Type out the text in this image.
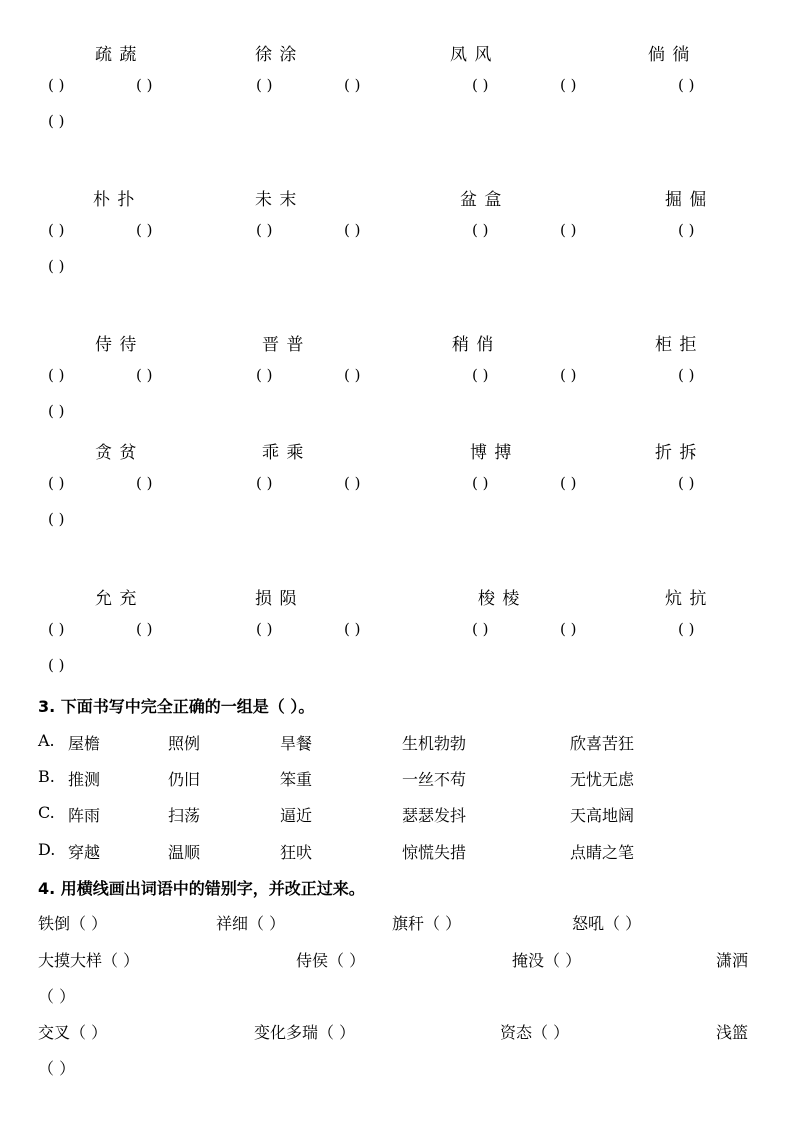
疏 蔬	徐 涂	凤 风	倘 徜
( )	( )	( )	( )	( )	( )	( )
( )
朴 扑	未 末	盆 盒	掘 倔
( )	( )	( )	( )	( )	( )	( )
( )
侍 待	晋 普	稍 俏	柜 拒
( )	( )	( )	( )	( )	( )	( )
( )
贪 贫	乖 乘	博 搏	折 拆
( )	( )	( )	( )	( )	( )	( )
( )
允 充	损 陨	梭 棱	炕 抗
( )	( )	( )	( )	( )	( )	( )
( )
3. 下面书写中完全正确的一组是（ ）。
A. 屋檐	照例	旱餐	生机勃勃	欣喜苦狂
B. 推测	仍旧	笨重	一丝不苟	无忧无虑
C. 阵雨	扫荡	逼近	瑟瑟发抖	天高地阔
D. 穿越	温顺	狂吠	惊慌失措	点睛之笔
4. 用横线画出词语中的错别字，并改正过来。
铁倒（ ）	祥细（ ）	旗秆（ ）	怒吼（ ）
大摸大样（ ）	侍侯（ ）	掩没（ ）	潇洒
（ ）
交叉（ ）	变化多瑞（ ）	资态（ ）	浅篮
（ ）
